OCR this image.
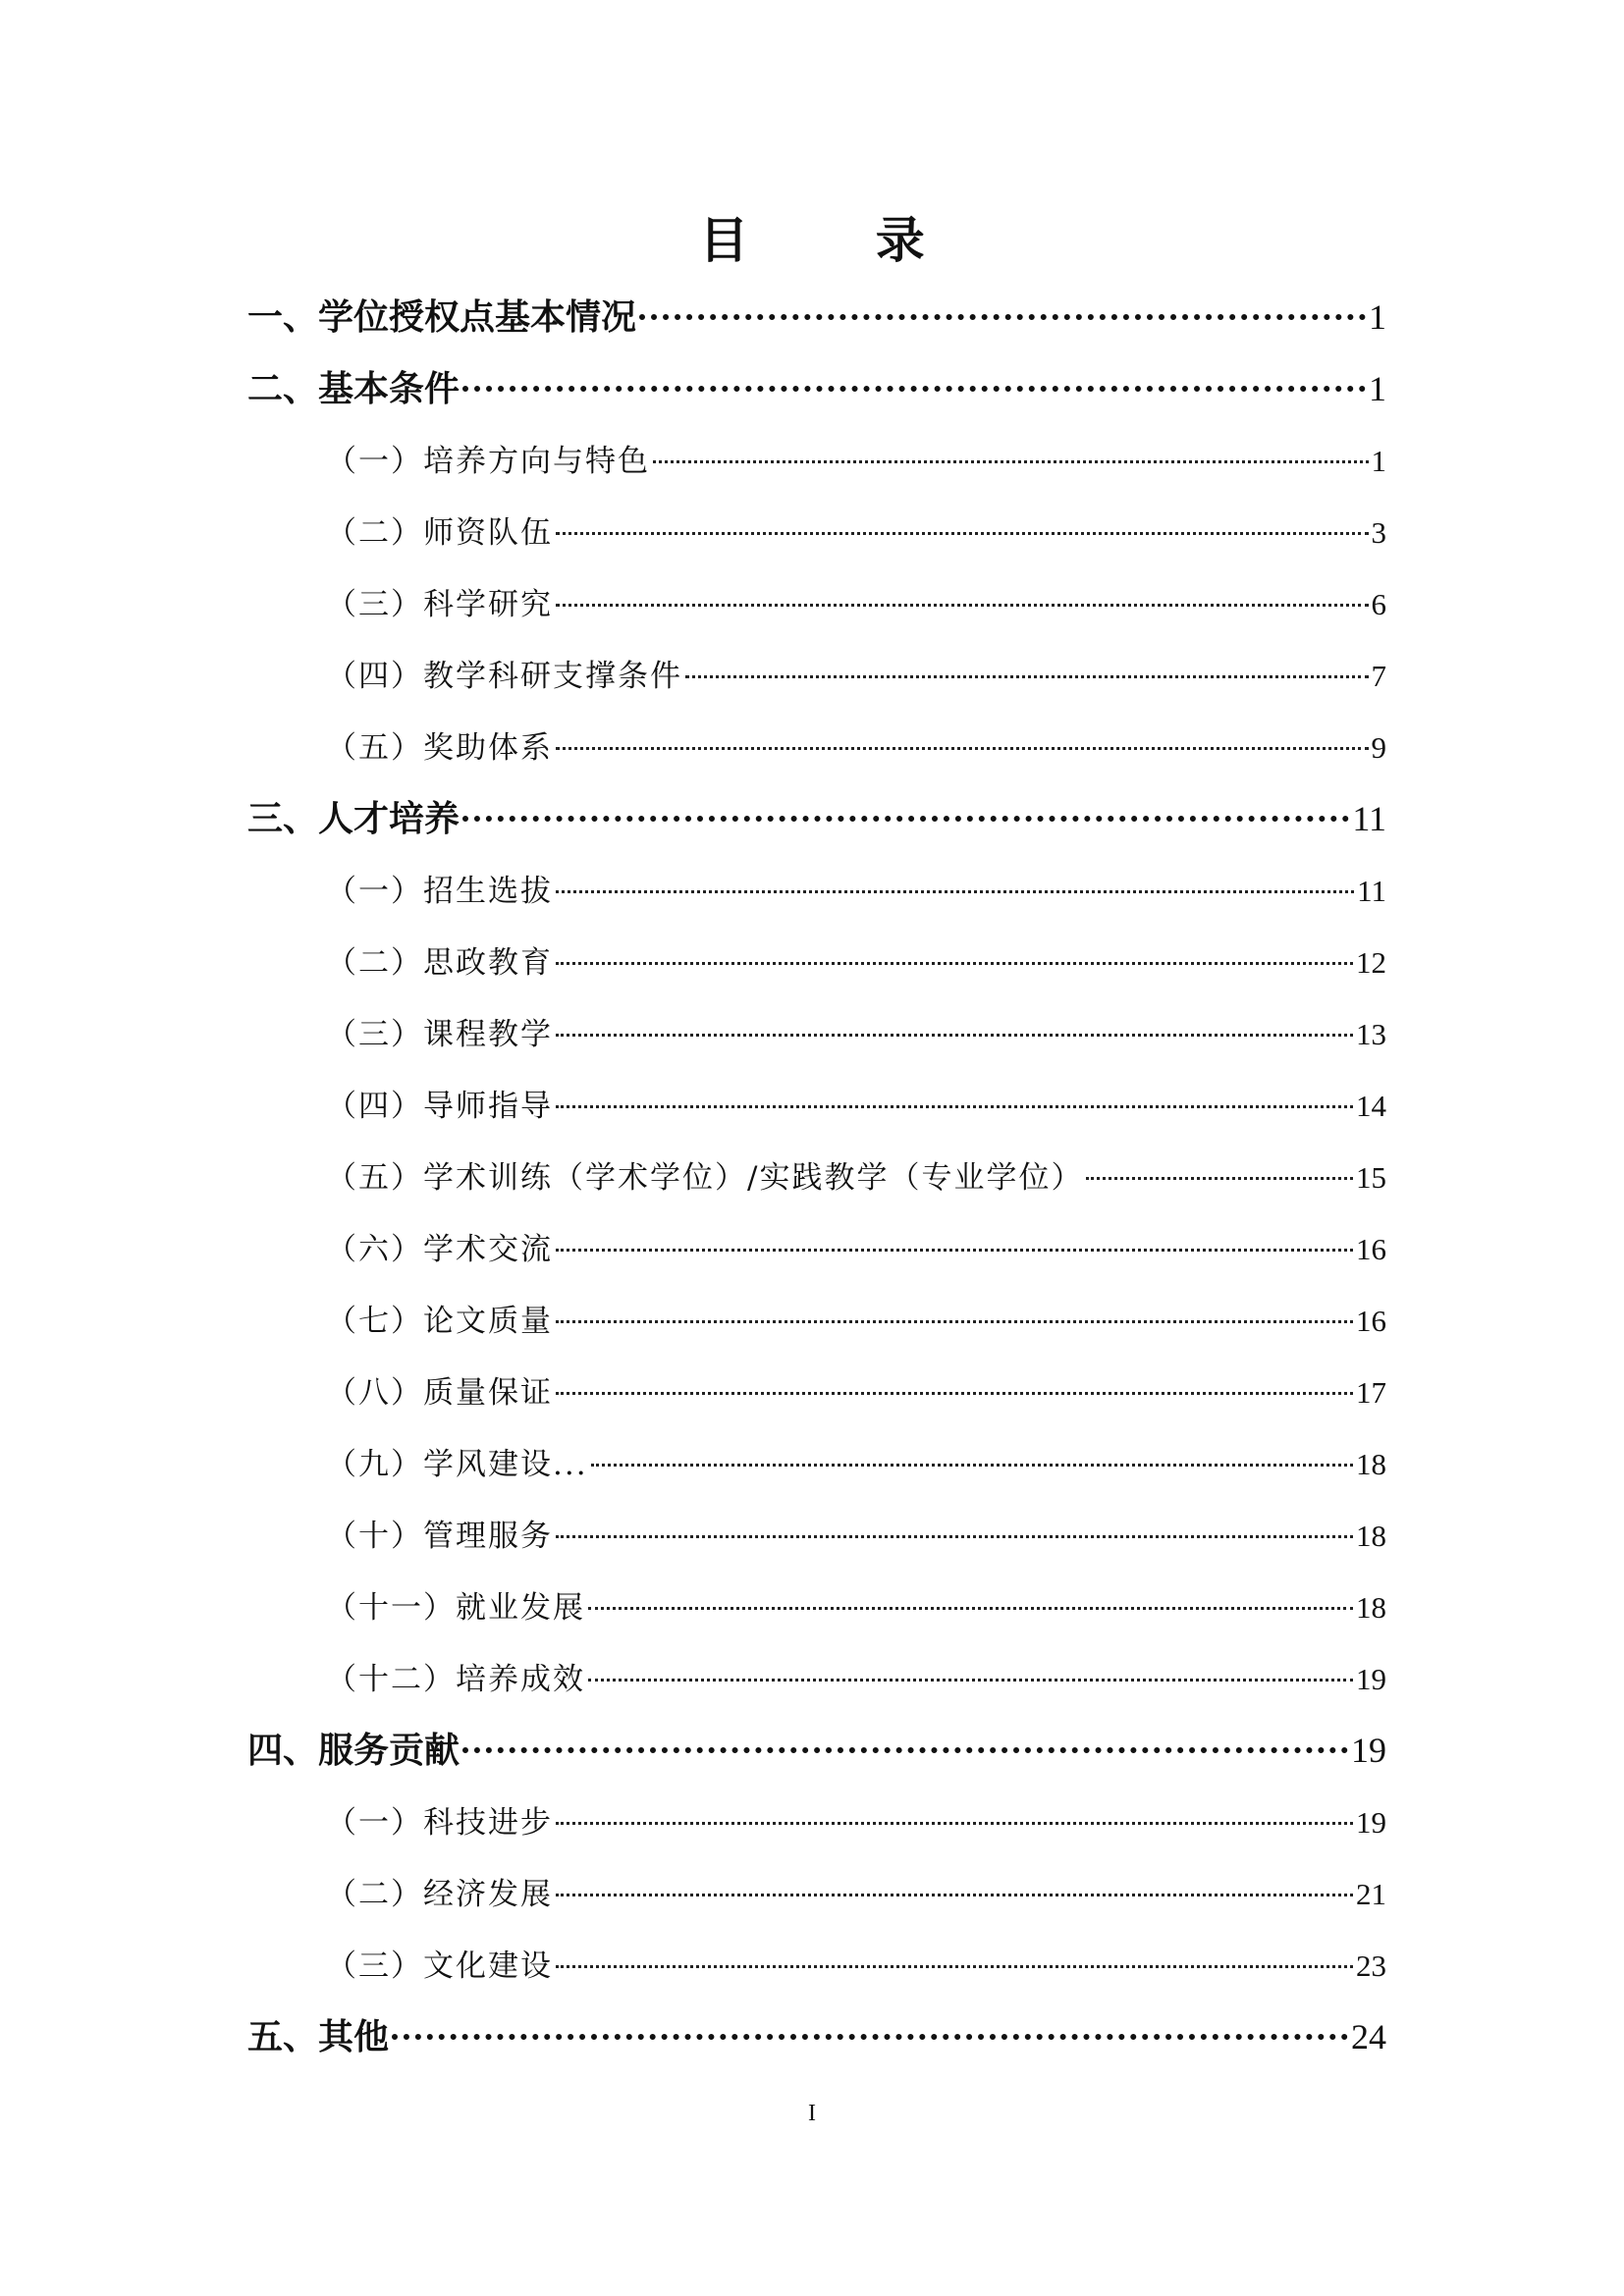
目 录
一、学位授权点基本情况	1
二、基本条件	1
（一）培养方向与特色	1
（二）师资队伍	3
（三）科学研究	6
（四）教学科研支撑条件	7
（五）奖助体系	9
三、人才培养	11
（一）招生选拔	11
（二）思政教育	12
（三）课程教学	13
（四）导师指导	14
（五）学术训练（学术学位）/实践教学（专业学位）	15
（六）学术交流	16
（七）论文质量	16
（八）质量保证	17
（九）学风建设...	18
（十）管理服务	18
（十一）就业发展	18
（十二）培养成效	19
四、服务贡献	19
（一）科技进步	19
（二）经济发展	21
（三）文化建设	23
五、其他	24
I
